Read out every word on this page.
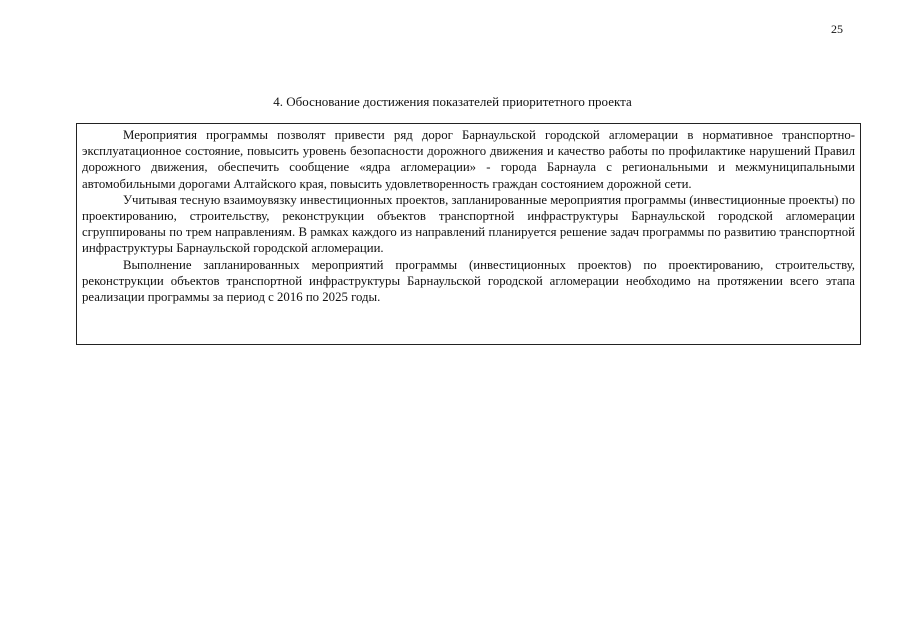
25
4. Обоснование достижения показателей приоритетного проекта

Мероприятия программы позволят привести ряд дорог Барнаульской городской агломерации в нормативное транспортно-эксплуатационное состояние, повысить уровень безопасности дорожного движения и качество работы по профилактике нарушений Правил дорожного движения, обеспечить сообщение «ядра агломерации» - города Барнаула с региональными и межмуниципальными автомобильными дорогами Алтайского края, повысить удовлетворенность граждан состоянием дорожной сети.

Учитывая тесную взаимоувязку инвестиционных проектов, запланированные мероприятия программы (инвестиционные проекты) по проектированию, строительству, реконструкции объектов транспортной инфраструктуры Барнаульской городской агломерации сгруппированы по трем направлениям. В рамках каждого из направлений планируется решение задач программы по развитию транспортной инфраструктуры Барнаульской городской агломерации.

Выполнение запланированных мероприятий программы (инвестиционных проектов) по проектированию, строительству, реконструкции объектов транспортной инфраструктуры Барнаульской городской агломерации необходимо на протяжении всего этапа реализации программы за период с 2016 по 2025 годы.
